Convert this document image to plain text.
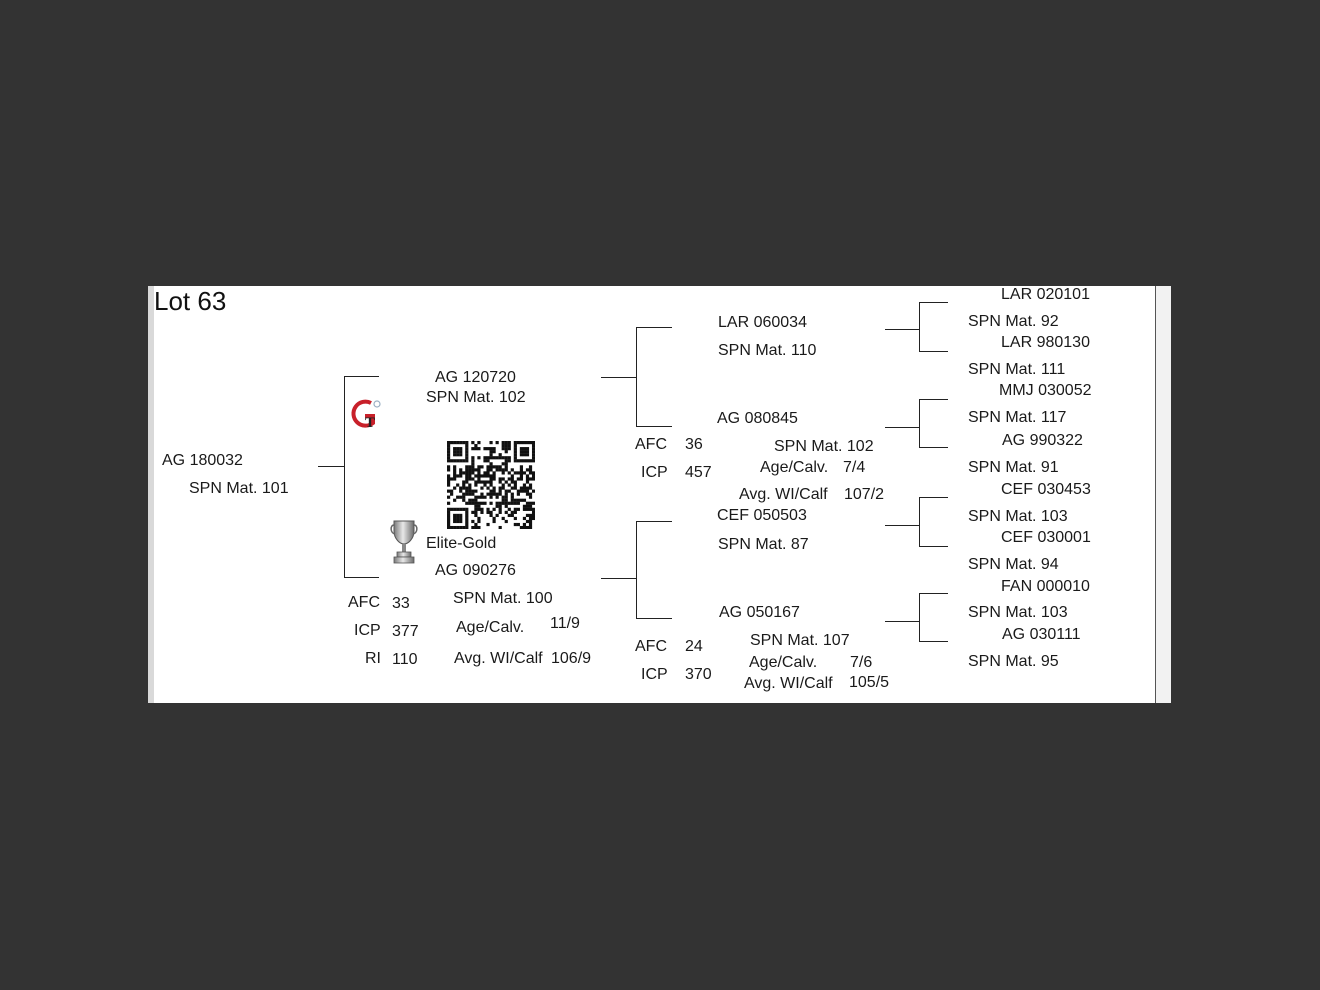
Lot 63
AG 180032
SPN Mat. 101
T
AG 120720
SPN Mat. 102
Elite-Gold
AG 090276
SPN Mat. 100
Age/Calv. 11/9
Avg. WI/Calf 106/9
AFC 33
ICP 377
RI 110
AFC 36
ICP 457
AFC 24
ICP 370
LAR 060034
SPN Mat. 110
AG 080845
SPN Mat. 102
Age/Calv. 7/4
Avg. WI/Calf 107/2
CEF 050503
SPN Mat. 87
AG 050167
SPN Mat. 107
Age/Calv. 7/6
Avg. WI/Calf 105/5
LAR 020101
SPN Mat. 92
LAR 980130
SPN Mat. 111
MMJ 030052
SPN Mat. 117
AG 990322
SPN Mat. 91
CEF 030453
SPN Mat. 103
CEF 030001
SPN Mat. 94
FAN 000010
SPN Mat. 103
AG 030111
SPN Mat. 95
